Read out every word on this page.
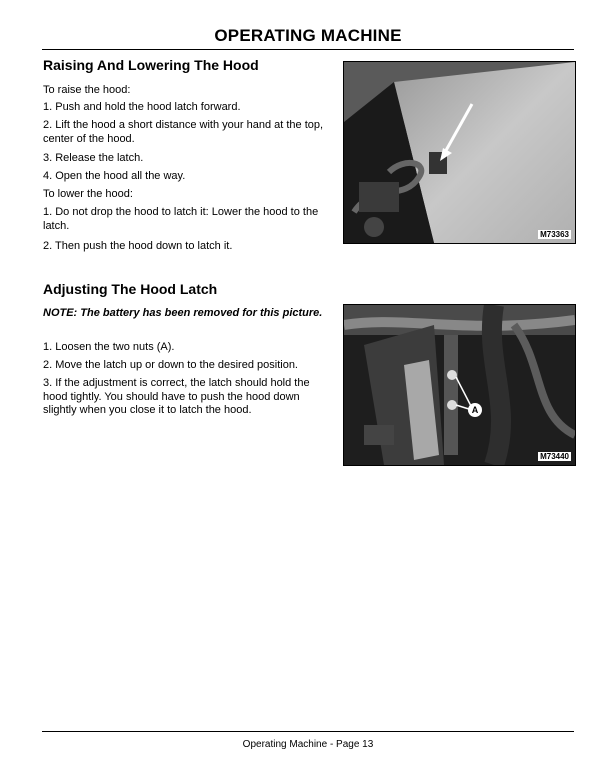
OPERATING MACHINE
Raising And Lowering The Hood

To raise the hood:

1. Push and hold the hood latch forward.

2. Lift the hood a short distance with your hand at the top, center of the hood.

3. Release the latch.

4. Open the hood all the way.

To lower the hood:

1. Do not drop the hood to latch it: Lower the hood to the latch.

2. Then push the hood down to latch it.

M73363
Adjusting The Hood Latch

NOTE: The battery has been removed for this picture.

1. Loosen the two nuts (A).

2. Move the latch up or down to the desired position.

3. If the adjustment is correct, the latch should hold the hood tightly. You should have to push the hood down slightly when you close it to latch the hood.	A
M73440
Operating Machine - Page 13
